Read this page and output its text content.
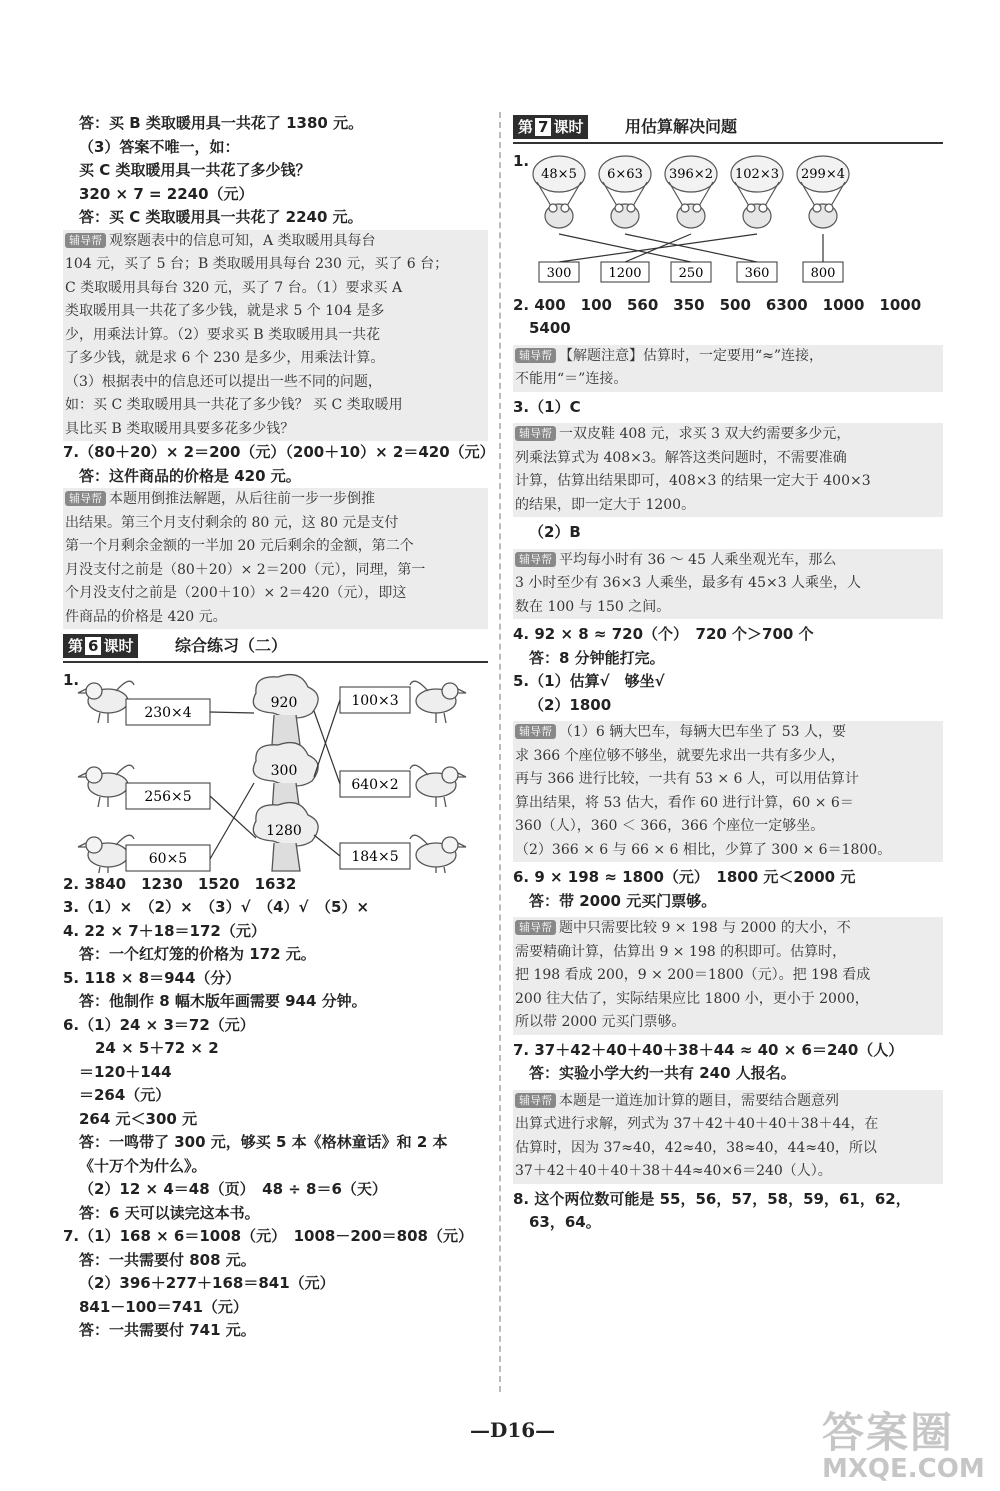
答：买 B 类取暖用具一共花了 1380 元。
（3）答案不唯一，如：
买 C 类取暖用具一共花了多少钱？
320 × 7 = 2240（元）
答：买 C 类取暖用具一共花了 2240 元。
辅导帮 观察题表中的信息可知，A 类取暖用具每台
104 元，买了 5 台；B 类取暖用具每台 230 元，买了 6 台；
C 类取暖用具每台 320 元，买了 7 台。（1）要求买 A
类取暖用具一共花了多少钱，就是求 5 个 104 是多
少，用乘法计算。（2）要求买 B 类取暖用具一共花
了多少钱，就是求 6 个 230 是多少，用乘法计算。
（3）根据表中的信息还可以提出一些不同的问题，
如：买 C 类取暖用具一共花了多少钱？ 买 C 类取暖用
具比买 B 类取暖用具要多花多少钱？
7.（80＋20）× 2＝200（元）（200＋10）× 2＝420（元）
答：这件商品的价格是 420 元。
辅导帮 本题用倒推法解题，从后往前一步一步倒推
出结果。第三个月支付剩余的 80 元，这 80 元是支付
第一个月剩余金额的一半加 20 元后剩余的金额，第二个
月没支付之前是（80＋20）× 2＝200（元），同理，第一
个月没支付之前是（200＋10）× 2＝420（元），即这
件商品的价格是 420 元。
第 6 课时	综合练习（二）
1.
230×4
256×5
60×5
920
300
1280
100×3
640×2
184×5
2. 3840　1230　1520　1632
3.（1）×　（2）×　（3）√　（4）√　（5）×
4. 22 × 7＋18＝172（元）
答：一个红灯笼的价格为 172 元。
5. 118 × 8＝944（分）
答：他制作 8 幅木版年画需要 944 分钟。
6.（1）24 × 3＝72（元）
24 × 5＋72 × 2
＝120＋144
＝264（元）
264 元＜300 元
答：一鸣带了 300 元，够买 5 本《格林童话》和 2 本
《十万个为什么》。
（2）12 × 4＝48（页）　48 ÷ 8＝6（天）
答：6 天可以读完这本书。
7.（1）168 × 6＝1008（元）　1008－200＝808（元）
答：一共需要付 808 元。
（2）396＋277＋168＝841（元）
841－100＝741（元）
答：一共需要付 741 元。
第 7 课时	用估算解决问题
1.
48×5 6×63 396×2 102×3 299×4
300	1200	250	360	800
2. 400　100　560　350　500　6300　1000　1000
5400
辅导帮 【解题注意】估算时，一定要用“≈”连接，
不能用“＝”连接。
3.（1）C
辅导帮 一双皮鞋 408 元，求买 3 双大约需要多少元，
列乘法算式为 408×3。解答这类问题时，不需要准确
计算，估算出结果即可，408×3 的结果一定大于 400×3
的结果，即一定大于 1200。
（2）B
辅导帮 平均每小时有 36 ～ 45 人乘坐观光车，那么
3 小时至少有 36×3 人乘坐，最多有 45×3 人乘坐，人
数在 100 与 150 之间。
4. 92 × 8 ≈ 720（个）　720 个＞700 个
答：8 分钟能打完。
5.（1）估算√　够坐√
（2）1800
辅导帮 （1）6 辆大巴车，每辆大巴车坐了 53 人，要
求 366 个座位够不够坐，就要先求出一共有多少人，
再与 366 进行比较，一共有 53 × 6 人，可以用估算计
算出结果，将 53 估大，看作 60 进行计算，60 × 6＝
360（人），360 ＜ 366，366 个座位一定够坐。
（2）366 × 6 与 66 × 6 相比，少算了 300 × 6＝1800。
6. 9 × 198 ≈ 1800（元）　1800 元＜2000 元
答：带 2000 元买门票够。
辅导帮 题中只需要比较 9 × 198 与 2000 的大小，不
需要精确计算，估算出 9 × 198 的积即可。估算时，
把 198 看成 200，9 × 200＝1800（元）。把 198 看成
200 往大估了，实际结果应比 1800 小，更小于 2000，
所以带 2000 元买门票够。
7. 37＋42＋40＋40＋38＋44 ≈ 40 × 6＝240（人）
答：实验小学大约一共有 240 人报名。
辅导帮 本题是一道连加计算的题目，需要结合题意列
出算式进行求解，列式为 37＋42＋40＋40＋38＋44，在
估算时，因为 37≈40，42≈40，38≈40，44≈40，所以
37＋42＋40＋40＋38＋44≈40×6＝240（人）。
8. 这个两位数可能是 55，56，57，58，59，61，62，
63，64。
—D16—	答案圈
MXQE.COM
